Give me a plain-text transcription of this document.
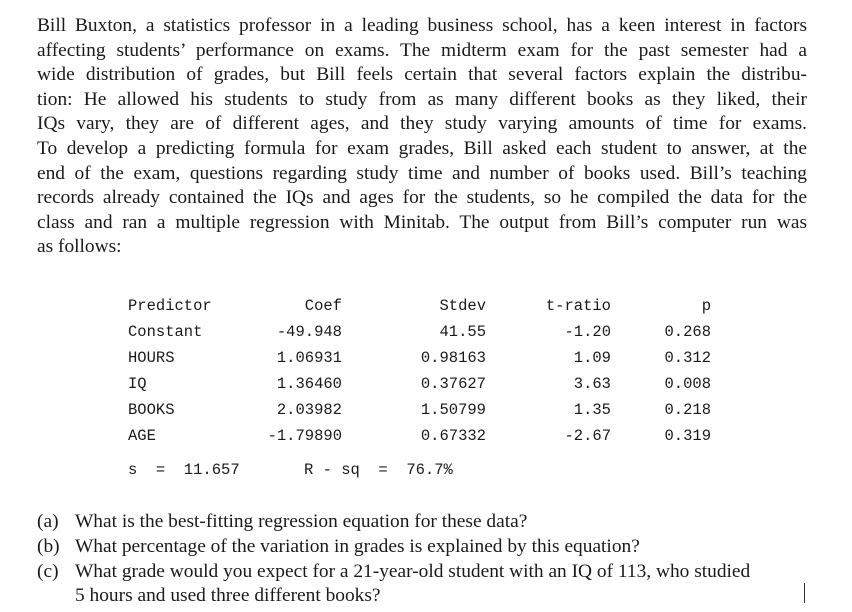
Bill Buxton, a statistics professor in a leading business school, has a keen interest in factors
affecting students’ performance on exams. The midterm exam for the past semester had a
wide distribution of grades, but Bill feels certain that several factors explain the distribu-
tion: He allowed his students to study from as many different books as they liked, their
IQs vary, they are of different ages, and they study varying amounts of time for exams.
To develop a predicting formula for exam grades, Bill asked each student to answer, at the
end of the exam, questions regarding study time and number of books used. Bill’s teaching
records already contained the IQs and ages for the students, so he compiled the data for the
class and ran a multiple regression with Minitab. The output from Bill’s computer run was
as follows:
Predictor	Coef	Stdev	t-ratio	p
Constant	-49.948	41.55	-1.20	0.268
HOURS	1.06931	0.98163	1.09	0.312
IQ	1.36460	0.37627	3.63	0.008
BOOKS	2.03982	1.50799	1.35	0.218
AGE	-1.79890	0.67332	-2.67	0.319
s  =  11.657	R - sq  =  76.7%
(a) What is the best-fitting regression equation for these data?
(b) What percentage of the variation in grades is explained by this equation?
(c) What grade would you expect for a 21-year-old student with an IQ of 113, who studied
5 hours and used three different books?
